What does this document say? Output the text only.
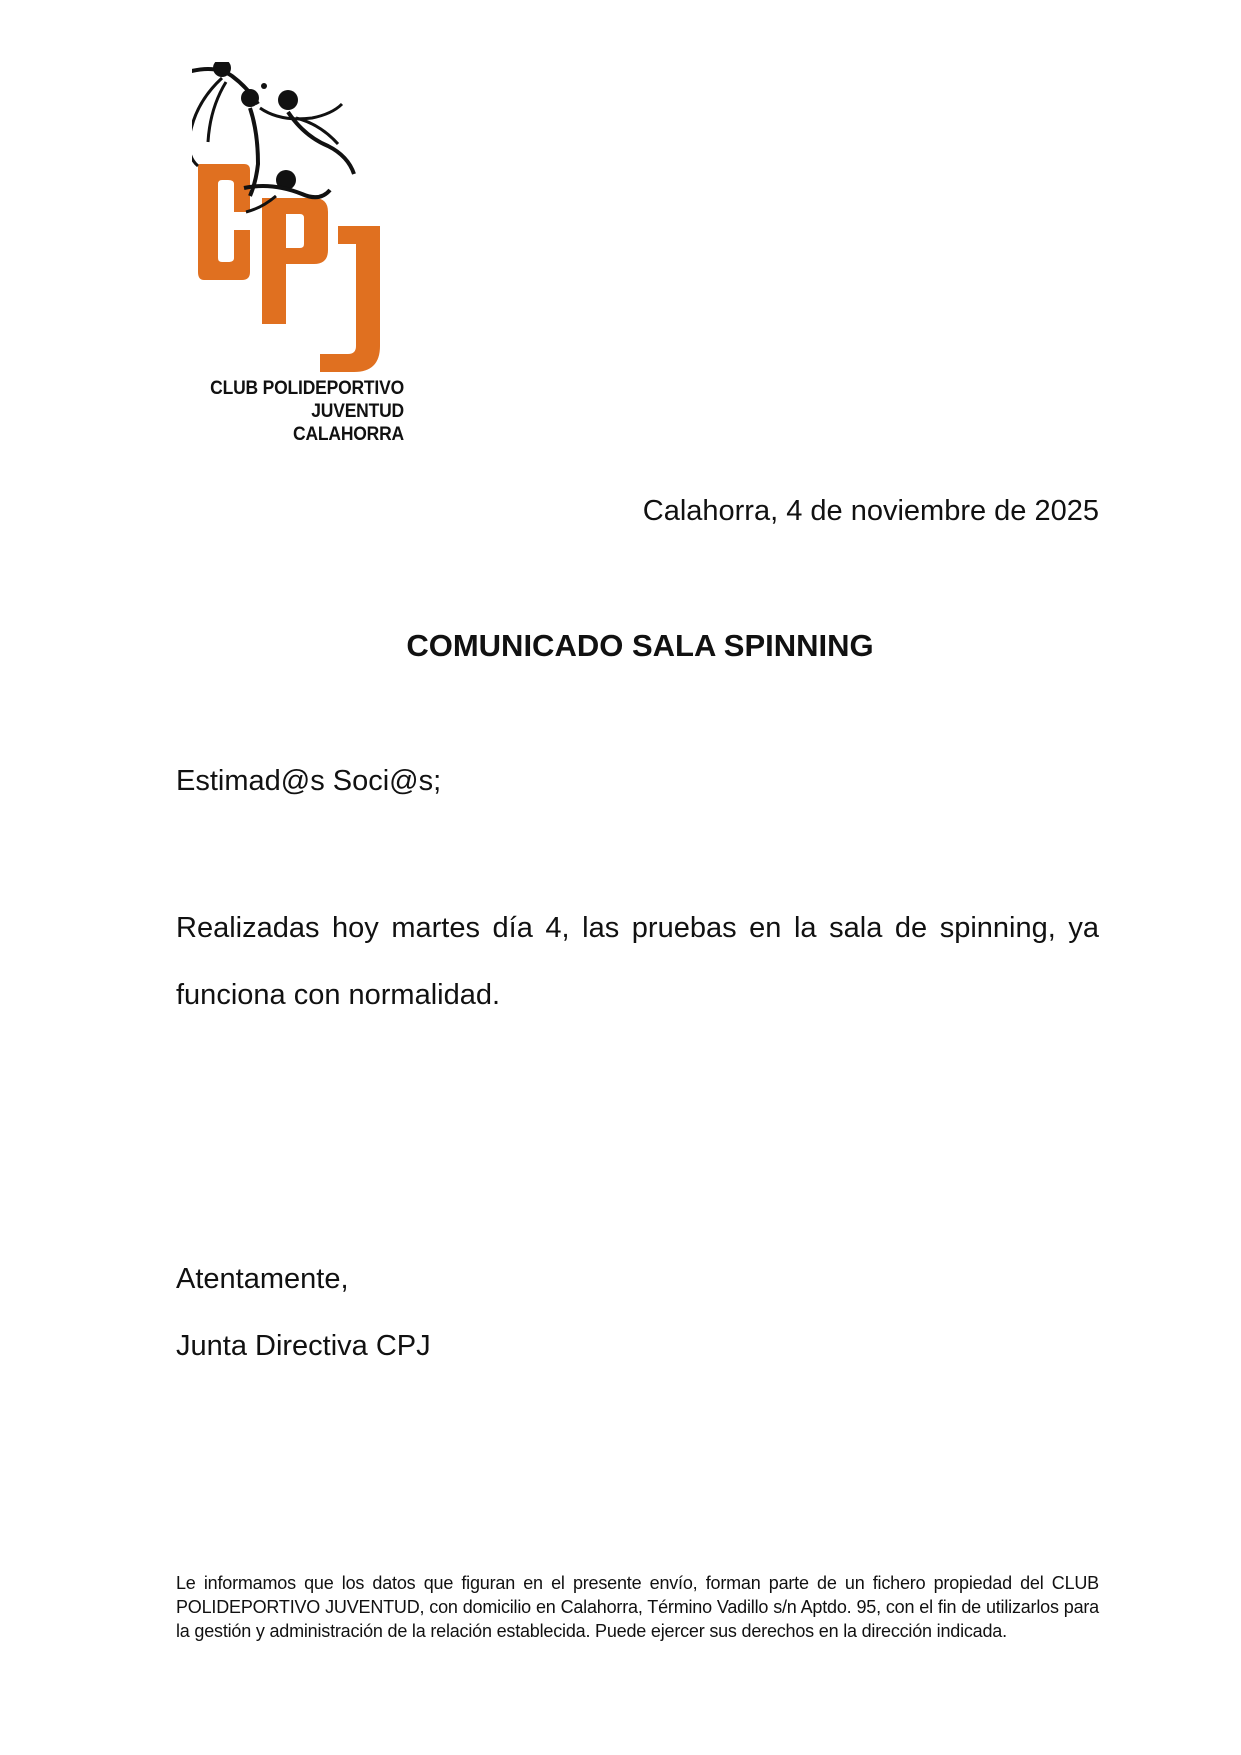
CLUB POLIDEPORTIVO
JUVENTUD
CALAHORRA
Calahorra, 4 de noviembre de 2025
COMUNICADO SALA SPINNING
Estimad@s Soci@s;
Realizadas hoy martes día 4, las pruebas en la sala de spinning, ya funciona con normalidad.
Atentamente,
Junta Directiva CPJ
Le informamos que los datos que figuran en el presente envío, forman parte de un fichero propiedad del CLUB POLIDEPORTIVO JUVENTUD, con domicilio en Calahorra, Término Vadillo s/n Aptdo. 95, con el fin de utilizarlos para la gestión y administración de la relación establecida. Puede ejercer sus derechos en la dirección indicada.
